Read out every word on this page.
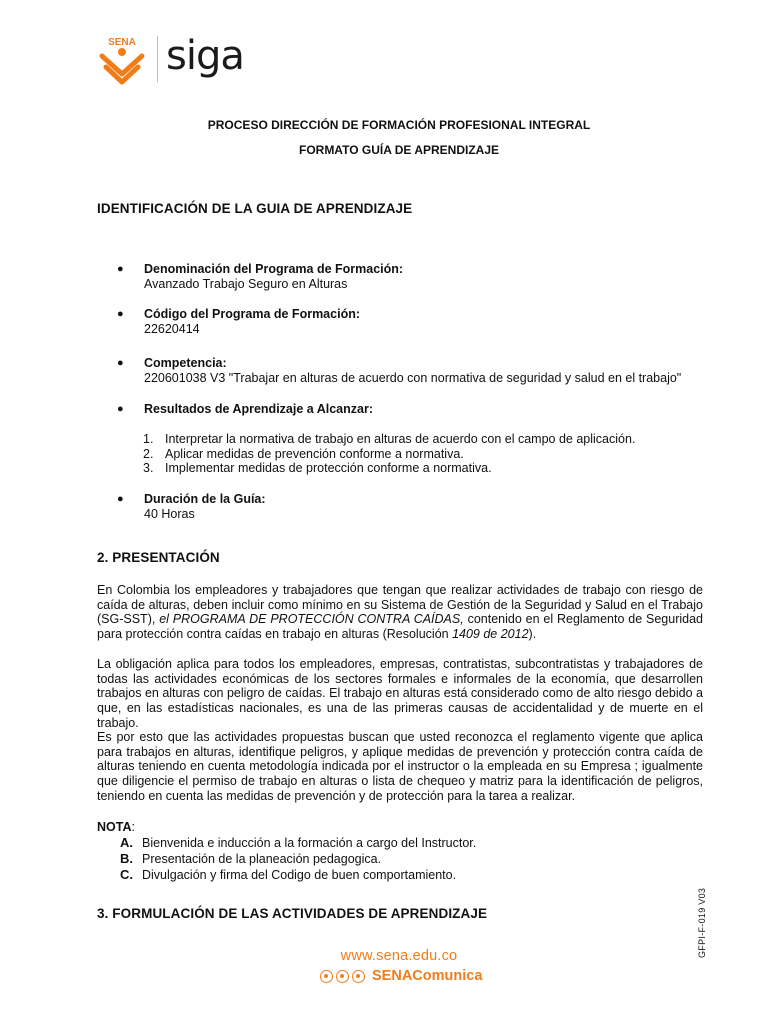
SENA siga
PROCESO DIRECCIÓN DE FORMACIÓN PROFESIONAL INTEGRAL
FORMATO GUÍA DE APRENDIZAJE
IDENTIFICACIÓN DE LA GUIA DE APRENDIZAJE
● Denominación del Programa de Formación:
Avanzado Trabajo Seguro en Alturas
● Código del Programa de Formación:
22620414
● Competencia:
220601038 V3 "Trabajar en alturas de acuerdo con normativa de seguridad y salud en el trabajo"
● Resultados de Aprendizaje a Alcanzar:
● Duración de la Guía:
40 Horas
1. Interpretar la normativa de trabajo en alturas de acuerdo con el campo de aplicación.
2. Aplicar medidas de prevención conforme a normativa.
3. Implementar medidas de protección conforme a normativa.
2. PRESENTACIÓN

En Colombia los empleadores y trabajadores que tengan que realizar actividades de trabajo con riesgo de caída de alturas, deben incluir como mínimo en su Sistema de Gestión de la Seguridad y Salud en el Trabajo (SG-SST), el PROGRAMA DE PROTECCIÓN CONTRA CAÍDAS, contenido en el Reglamento de Seguridad para protección contra caídas en trabajo en alturas (Resolución 1409 de 2012).

La obligación aplica para todos los empleadores, empresas, contratistas, subcontratistas y trabajadores de todas las actividades económicas de los sectores formales e informales de la economía, que desarrollen trabajos en alturas con peligro de caídas. El trabajo en alturas está considerado como de alto riesgo debido a que, en las estadísticas nacionales, es una de las primeras causas de accidentalidad y de muerte en el trabajo.

Es por esto que las actividades propuestas buscan que usted reconozca el reglamento vigente que aplica para trabajos en alturas, identifique peligros, y aplique medidas de prevención y protección contra caída de alturas teniendo en cuenta metodología indicada por el instructor o la empleada en su Empresa ; igualmente que diligencie el permiso de trabajo en alturas o lista de chequeo y matriz para la identificación de peligros, teniendo en cuenta las medidas de prevención y de protección para la tarea a realizar.

NOTA:
A. Bienvenida e inducción a la formación a cargo del Instructor.
B. Presentación de la planeación pedagogica.
C. Divulgación y firma del Codigo de buen comportamiento.
3. FORMULACIÓN DE LAS ACTIVIDADES DE APRENDIZAJE
www.sena.edu.co
SENAComunica
GFPI-F-019 V03
